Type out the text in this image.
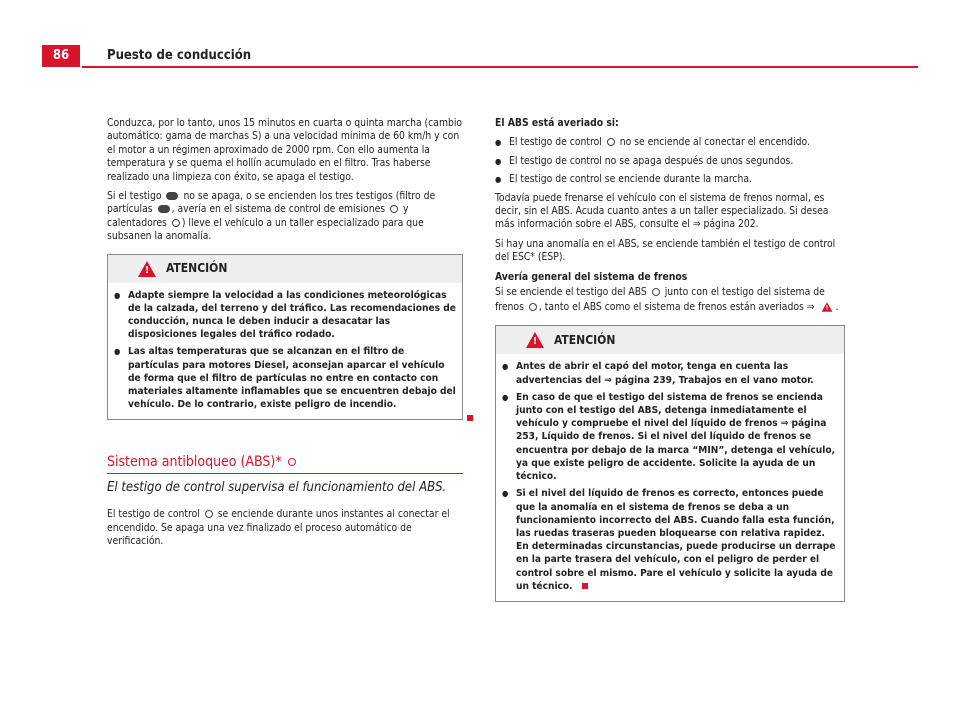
86	Puesto de conducción

Conduzca, por lo tanto, unos 15 minutos en cuarta o quinta marcha (cambio automático: gama de marchas S) a una velocidad mínima de 60 km/h y con el motor a un régimen aproximado de 2000 rpm. Con ello aumenta la temperatura y se quema el hollín acumulado en el filtro. Tras haberse realizado una limpieza con éxito, se apaga el testigo.

Si el testigo no se apaga, o se encienden los tres testigos (filtro de partículas , avería en el sistema de control de emisiones y calentadores ) lleve el vehículo a un taller especializado para que subsanen la anomalía.

!
ATENCIÓN
● Adapte siempre la velocidad a las condiciones meteorológicas de la calzada, del terreno y del tráfico. Las recomendaciones de conducción, nunca le deben inducir a desacatar las disposiciones legales del tráfico rodado.
● Las altas temperaturas que se alcanzan en el filtro de partículas para motores Diesel, aconsejan aparcar el vehículo de forma que el filtro de partículas no entre en contacto con materiales altamente inflamables que se encuentren debajo del vehículo. De lo contrario, existe peligro de incendio.
Sistema antibloqueo (ABS)*
El testigo de control supervisa el funcionamiento del ABS.

El testigo de control se enciende durante unos instantes al conectar el encendido. Se apaga una vez finalizado el proceso automático de verificación.

El ABS está averiado si:

● El testigo de control no se enciende al conectar el encendido.
● El testigo de control no se apaga después de unos segundos.
● El testigo de control se enciende durante la marcha.

Todavía puede frenarse el vehículo con el sistema de frenos normal, es decir, sin el ABS. Acuda cuanto antes a un taller especializado. Si desea más información sobre el ABS, consulte el ⇒ página 202.

Si hay una anomalía en el ABS, se enciende también el testigo de control del ESC* (ESP).

Avería general del sistema de frenos

Si se enciende el testigo del ABS junto con el testigo del sistema de frenos , tanto el ABS como el sistema de frenos están averiados ⇒ ! .

!
ATENCIÓN
● Antes de abrir el capó del motor, tenga en cuenta las advertencias del ⇒ página 239, Trabajos en el vano motor.
● En caso de que el testigo del sistema de frenos se encienda junto con el testigo del ABS, detenga inmediatamente el vehículo y compruebe el nivel del líquido de frenos ⇒ página 253, Líquido de frenos. Si el nivel del líquido de frenos se encuentra por debajo de la marca “MIN”, detenga el vehículo, ya que existe peligro de accidente. Solicite la ayuda de un técnico.
● Si el nivel del líquido de frenos es correcto, entonces puede que la anomalía en el sistema de frenos se deba a un funcionamiento incorrecto del ABS. Cuando falla esta función, las ruedas traseras pueden bloquearse con relativa rapidez. En determinadas circunstancias, puede producirse un derrape en la parte trasera del vehículo, con el peligro de perder el control sobre el mismo. Pare el vehículo y solicite la ayuda de un técnico.
